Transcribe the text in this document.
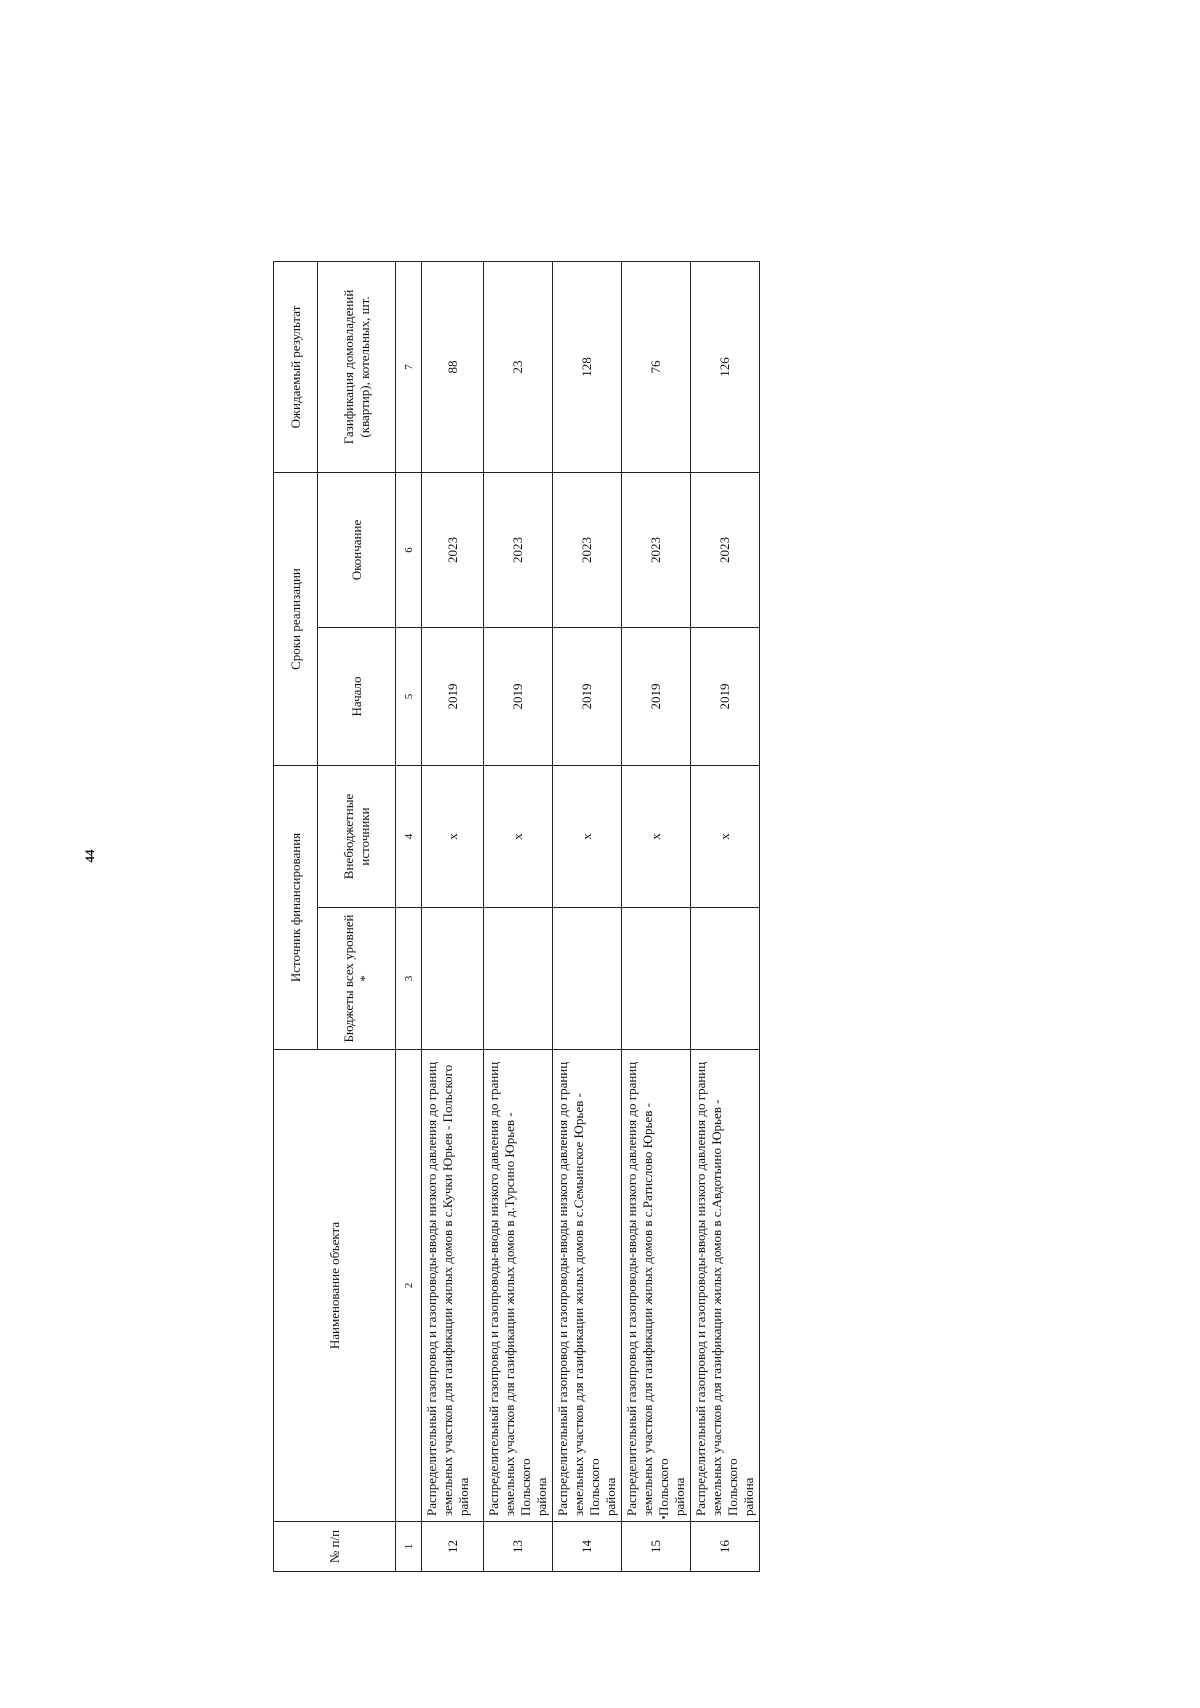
44
№ п/п	Наименование объекта	Источник финансирования		Сроки реализации		Ожидаемый результат
		Бюджеты всех уровней *	Внебюджетные источники	Начало	Окончание	Газификация домовладений (квартир), котельных, шт.
1	2	3	4	5	6	7
12	Распределительный газопровод и газопроводы-вводы низкого давления до границ земельных участков для газификации жилых домов в с.Кучки Юрьев - Польского района		x	2019	2023	88
13	Распределительный газопровод и газопроводы-вводы низкого давления до границ земельных участков для газификации жилых домов в д.Турсино Юрьев - Польского района		x	2019	2023	23
14	Распределительный газопровод и газопроводы-вводы низкого давления до границ земельных участков для газификации жилых домов в с.Семьинское Юрьев - Польского района		x	2019	2023	128
15	Распределительный газопровод и газопроводы-вводы низкого давления до границ земельных участков для газификации жилых домов в с.Ратислово Юрьев - Польского района		x	2019	2023	76
16	Распределительный газопровод и газопроводы-вводы низкого давления до границ земельных участков для газификации жилых домов в с.Авдотьино Юрьев - Польского района		x	2019	2023	126
